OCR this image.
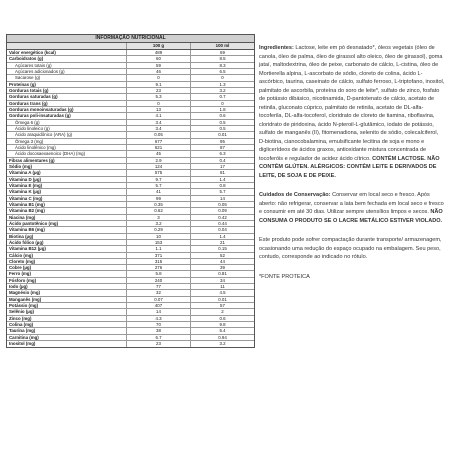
INFORMAÇÃO NUTRICIONAL
100 g	100 ml
Valor energético (kcal)	489	69
Carboidratos (g)	60	8.5
Açúcares totais (g)	59	8.3
Açúcares adicionados (g)	46	6.5
Sacarose (g)	0	0
Proteínas (g)	9.1	1.3
Gorduras totais (g)	23	3.2
Gorduras saturadas (g)	5.3	0.7
Gorduras trans (g)	0	0
Gorduras monoinsaturadas (g)	13	1.8
Gorduras poli-insaturadas (g)	4.1	0.6
Ômega 6 (g)	3.4	0.5
Ácido linoleico (g)	3.4	0.5
Ácido araquidônico (ARA) (g)	0.05	0.01
Ômega 3 (mg)	677	95
Ácido linolênico (mg)	621	87
Ácido docosaexaenoico (DHA) (mg)	45	6.3
Fibras alimentares (g)	2.9	0.4
Sódio (mg)	124	17
Vitamina A (µg)	575	81
Vitamina D (µg)	9.7	1.4
Vitamina E (mg)	5.7	0.8
Vitamina K (µg)	41	5.7
Vitamina C (mg)	99	14
Vitamina B1 (mg)	0.35	0.05
Vitamina B2 (mg)	0.62	0.09
Niacina (mg)	3	0.42
Ácido pantotênico (mg)	3.2	0.44
Vitamina B6 (mg)	0.29	0.04
Biotina (µg)	10	1.4
Ácido fólico (µg)	153	21
Vitamina B12 (µg)	1.1	0.15
Cálcio (mg)	371	52
Cloreto (mg)	315	44
Cobre (µg)	276	39
Ferro (mg)	5.8	0.81
Fósforo (mg)	240	34
Iodo (µg)	77	11
Magnésio (mg)	32	4.5
Manganês (mg)	0.07	0.01
Potássio (mg)	407	57
Selênio (µg)	14	2
Zinco (mg)	4.3	0.6
Colina (mg)	70	9.8
Taurina (mg)	38	5.4
Carnitina (mg)	6.7	0.94
Inositol (mg)	23	3.2

Ingredientes: Lactose, leite em pó desnatado*, óleos vegetais (óleo de canola, óleo de palma, óleo de girassol alto oleico, óleo de girassol), goma jataí, maltodextrina, óleo de peixe, carbonato de cálcio, L-cistina, óleo de Mortierella alpina, L-ascorbato de sódio, cloreto de colina, ácido L-ascórbico, taurina, caseinato de cálcio, sulfato ferroso, L-triptofano, inositol, palmitato de ascorbila, proteína do soro de leite*, sulfato de zinco, fosfato de potássio dibásico, nicotinamida, D-pantotenato de cálcio, acetato de retinila, gluconato cúprico, palmitato de retinila, acetato de DL-alfa-tocoferila, DL-alfa-tocoferol, cloridrato de cloreto de tiamina, riboflavina, cloridrato de piridoxina, ácido N-pteroil-L-glutâmico, iodato de potássio, sulfato de manganês (II), fitomenadiona, selenito de sódio, colecalciferol, D-biotina, cianocobalamina, emulsificante lecitina de soja e mono e diglicerídeos de ácidos graxos, antioxidante mistura concentrada de tocoferóis e regulador de acidez ácido cítrico. CONTÉM LACTOSE. NÃO CONTÉM GLÚTEN. ALÉRGICOS: CONTÉM LEITE E DERIVADOS DE LEITE, DE SOJA E DE PEIXE.

Cuidados de Conservação: Conservar em local seco e fresco. Após aberto: não refrigerar, conservar a lata bem fechada em local seco e fresco e consumir em até 30 dias. Utilizar sempre utensílios limpos e secos. NÃO CONSUMA O PRODUTO SE O LACRE METÁLICO ESTIVER VIOLADO.

Este produto pode sofrer compactação durante transporte/ armazenagem, ocasionando uma redução do espaço ocupado na embalagem. Seu peso, contudo, corresponde ao indicado no rótulo.

*FONTE PROTEICA
